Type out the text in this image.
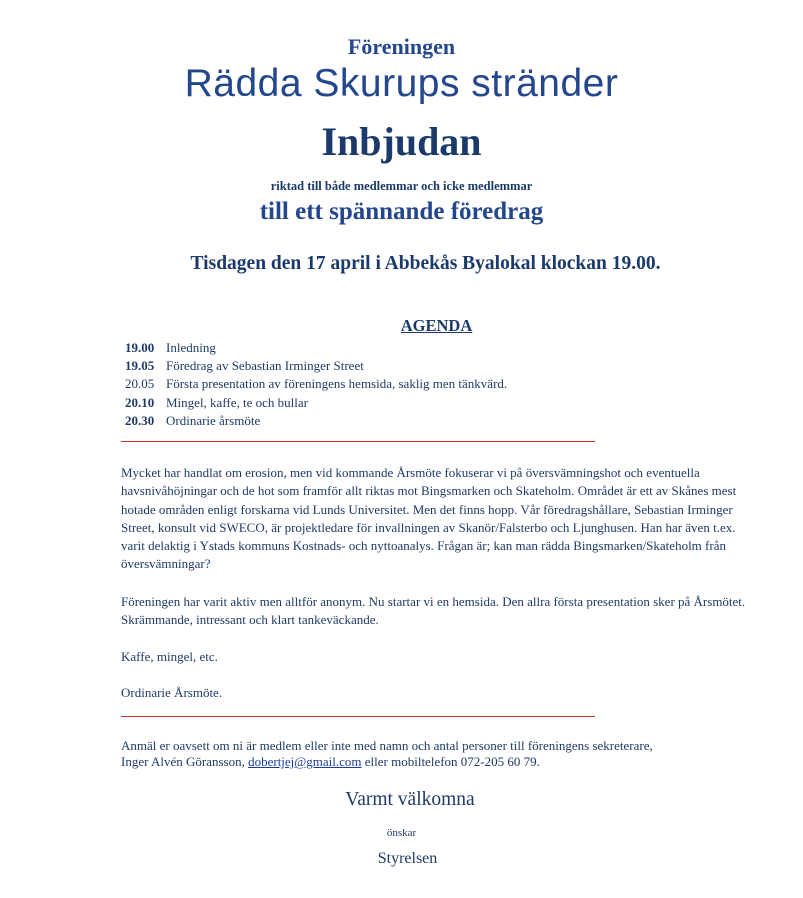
Föreningen
Rädda Skurups stränder
Inbjudan
riktad till både medlemmar och icke medlemmar
till ett spännande föredrag
Tisdagen den 17 april i Abbekås Byalokal klockan 19.00.
AGENDA
19.00 Inledning
19.05 Föredrag av Sebastian Irminger Street
20.05 Första presentation av föreningens hemsida, saklig men tänkvärd.
20.10 Mingel, kaffe, te och bullar
20.30 Ordinarie årsmöte
Mycket har handlat om erosion, men vid kommande Årsmöte fokuserar vi på översvämningshot och eventuella havsnivåhöjningar och de hot som framför allt riktas mot Bingsmarken och Skateholm. Området är ett av Skånes mest hotade områden enligt forskarna vid Lunds Universitet. Men det finns hopp. Vår föredragshållare, Sebastian Irminger Street, konsult vid SWECO, är projektledare för invallningen av Skanör/Falsterbo och Ljunghusen. Han har även t.ex. varit delaktig i Ystads kommuns Kostnads- och nyttoanalys. Frågan är; kan man rädda Bingsmarken/Skateholm från översvämningar?
Föreningen har varit aktiv men alltför anonym. Nu startar vi en hemsida. Den allra första presentation sker på Årsmötet. Skrämmande, intressant och klart tankeväckande.
Kaffe, mingel, etc.
Ordinarie Årsmöte.
Anmäl er oavsett om ni är medlem eller inte med namn och antal personer till föreningens sekreterare,
Inger Alvén Göransson, dobertjej@gmail.com eller mobiltelefon 072-205 60 79.
Varmt välkomna
önskar
Styrelsen
